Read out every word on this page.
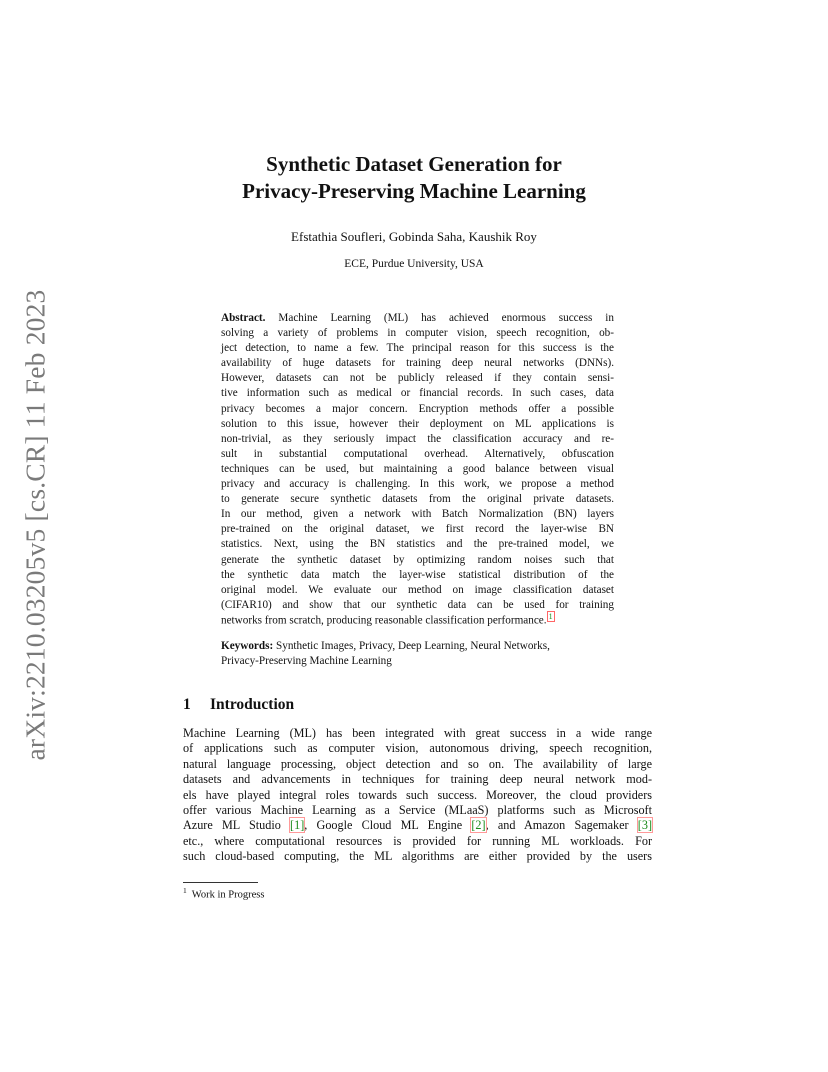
arXiv:2210.03205v5 [cs.CR] 11 Feb 2023
Synthetic Dataset Generation for
Privacy-Preserving Machine Learning
Efstathia Soufleri, Gobinda Saha, Kaushik Roy
ECE, Purdue University, USA
Abstract. Machine Learning (ML) has achieved enormous success in
solving a variety of problems in computer vision, speech recognition, ob-
ject detection, to name a few. The principal reason for this success is the
availability of huge datasets for training deep neural networks (DNNs).
However, datasets can not be publicly released if they contain sensi-
tive information such as medical or financial records. In such cases, data
privacy becomes a major concern. Encryption methods offer a possible
solution to this issue, however their deployment on ML applications is
non-trivial, as they seriously impact the classification accuracy and re-
sult in substantial computational overhead. Alternatively, obfuscation
techniques can be used, but maintaining a good balance between visual
privacy and accuracy is challenging. In this work, we propose a method
to generate secure synthetic datasets from the original private datasets.
In our method, given a network with Batch Normalization (BN) layers
pre-trained on the original dataset, we first record the layer-wise BN
statistics. Next, using the BN statistics and the pre-trained model, we
generate the synthetic dataset by optimizing random noises such that
the synthetic data match the layer-wise statistical distribution of the
original model. We evaluate our method on image classification dataset
(CIFAR10) and show that our synthetic data can be used for training
networks from scratch, producing reasonable classification performance. $^1$
Keywords: Synthetic Images, Privacy, Deep Learning, Neural Networks,
Privacy-Preserving Machine Learning
1 Introduction
Machine Learning (ML) has been integrated with great success in a wide range
of applications such as computer vision, autonomous driving, speech recognition,
natural language processing, object detection and so on. The availability of large
datasets and advancements in techniques for training deep neural network mod-
els have played integral roles towards such success. Moreover, the cloud providers
offer various Machine Learning as a Service (MLaaS) platforms such as Microsoft
Azure ML Studio [1], Google Cloud ML Engine [2], and Amazon Sagemaker [3]
etc., where computational resources is provided for running ML workloads. For
such cloud-based computing, the ML algorithms are either provided by the users
$^1$ Work in Progress
